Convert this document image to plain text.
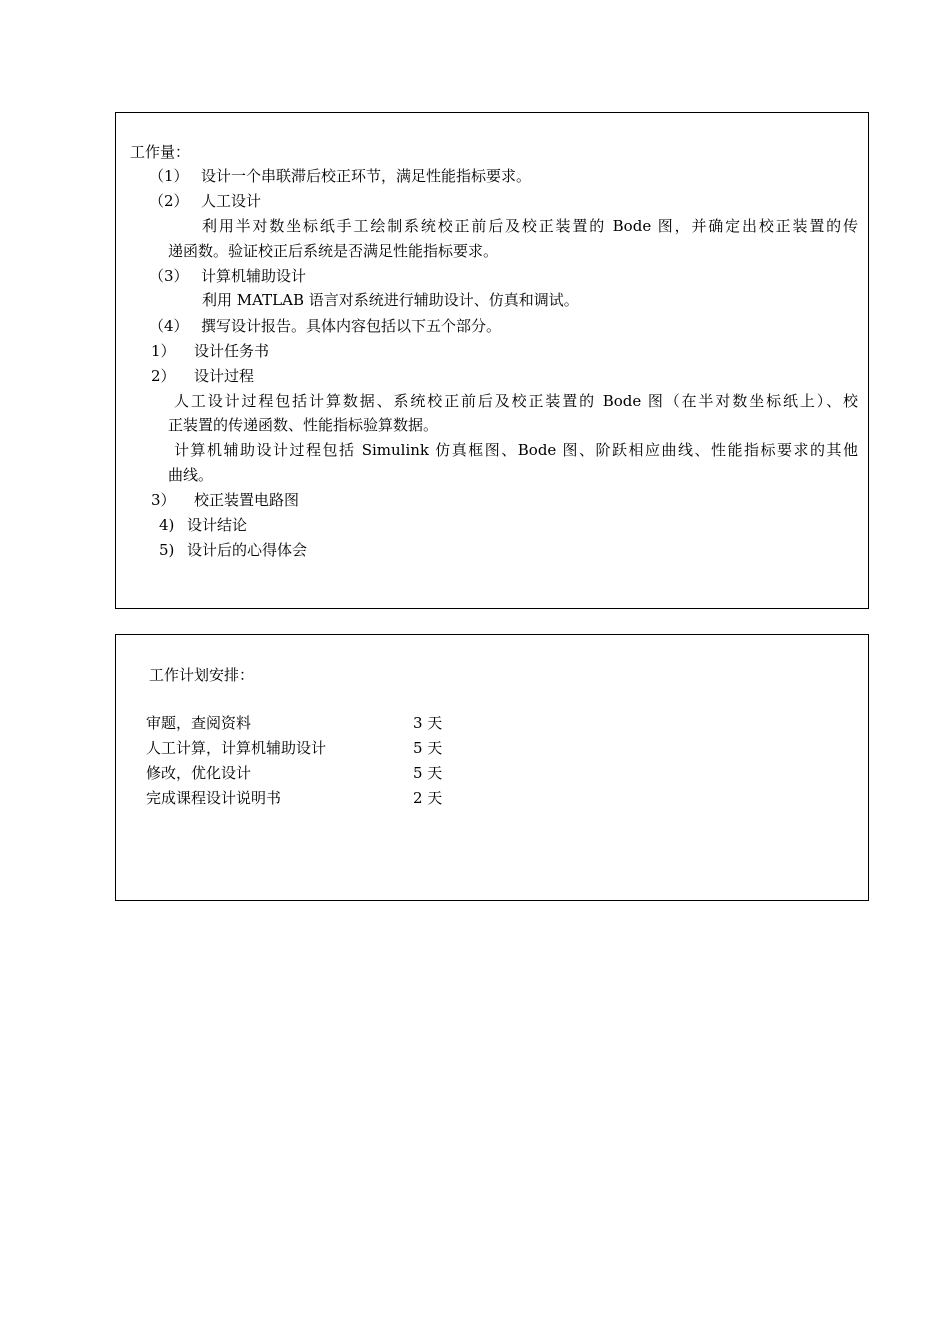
工作量：
（1） 设计一个串联滞后校正环节，满足性能指标要求。
（2） 人工设计
利用半对数坐标纸手工绘制系统校正前后及校正装置的 Bode 图，并确定出校正装置的传
递函数。验证校正后系统是否满足性能指标要求。
（3） 计算机辅助设计
利用 MATLAB 语言对系统进行辅助设计、仿真和调试。
（4） 撰写设计报告。具体内容包括以下五个部分。
1） 设计任务书
2） 设计过程
人工设计过程包括计算数据、系统校正前后及校正装置的 Bode 图（在半对数坐标纸上）、校
正装置的传递函数、性能指标验算数据。
计算机辅助设计过程包括 Simulink 仿真框图、Bode 图、阶跃相应曲线、性能指标要求的其他
曲线。
3） 校正装置电路图
4) 设计结论
5) 设计后的心得体会
工作计划安排：
审题，查阅资料	3 天
人工计算，计算机辅助设计	5 天
修改，优化设计	5 天
完成课程设计说明书	2 天
